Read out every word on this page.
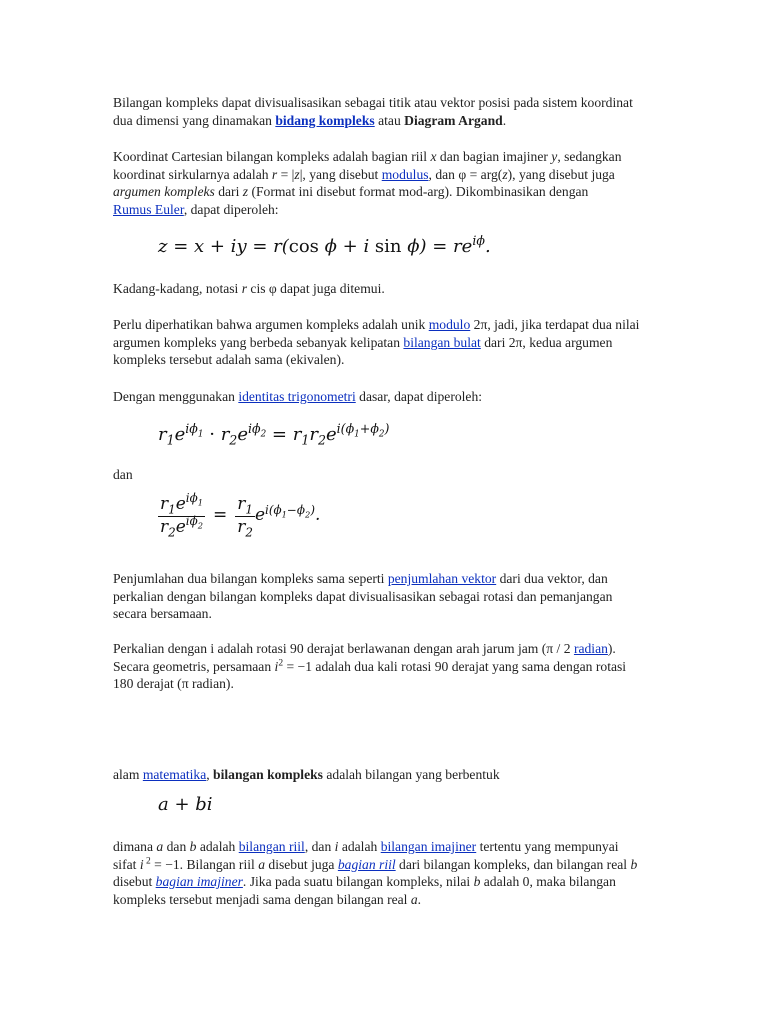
Bilangan kompleks dapat divisualisasikan sebagai titik atau vektor posisi pada sistem koordinat dua dimensi yang dinamakan bidang kompleks atau Diagram Argand.

Koordinat Cartesian bilangan kompleks adalah bagian riil x dan bagian imajiner y, sedangkan koordinat sirkularnya adalah r = |z|, yang disebut modulus, dan φ = arg(z), yang disebut juga argumen kompleks dari z (Format ini disebut format mod-arg). Dikombinasikan dengan Rumus Euler, dapat diperoleh:

z = x + iy = r(cos ϕ + i $\sin \phi) = re^{i\phi}$.

Kadang-kadang, notasi r cis φ dapat juga ditemui.

Perlu diperhatikan bahwa argumen kompleks adalah unik modulo 2π, jadi, jika terdapat dua nilai argumen kompleks yang berbeda sebanyak kelipatan bilangan bulat dari 2π, kedua argumen kompleks tersebut adalah sama (ekivalen).

Dengan menggunakan identitas trigonometri dasar, dapat diperoleh:

$r_1e^{i\phi_1} \cdot r_2e^{i\phi_2} = r_1r_2e^{i(\phi_1+\phi_2)}$

dan

$\frac{r_1e^{i\phi_1}}{r_2e^{i\phi_2}} = \frac{r_1}{r_2} e^{i(\phi_1-\phi_2)}$.

Penjumlahan dua bilangan kompleks sama seperti penjumlahan vektor dari dua vektor, dan perkalian dengan bilangan kompleks dapat divisualisasikan sebagai rotasi dan pemanjangan secara bersamaan.

Perkalian dengan i adalah rotasi 90 derajat berlawanan dengan arah jarum jam (π / 2 radian). Secara geometris, persamaan $i^2 = -1$ adalah dua kali rotasi 90 derajat yang sama dengan rotasi 180 derajat (π radian).

alam matematika, bilangan kompleks adalah bilangan yang berbentuk

a + bi

dimana a dan b adalah bilangan riil, dan i adalah bilangan imajiner tertentu yang mempunyai sifat i $^2$ = −1. Bilangan riil a disebut juga bagian riil dari bilangan kompleks, dan bilangan real b disebut bagian imajiner. Jika pada suatu bilangan kompleks, nilai b adalah 0, maka bilangan kompleks tersebut menjadi sama dengan bilangan real a.
